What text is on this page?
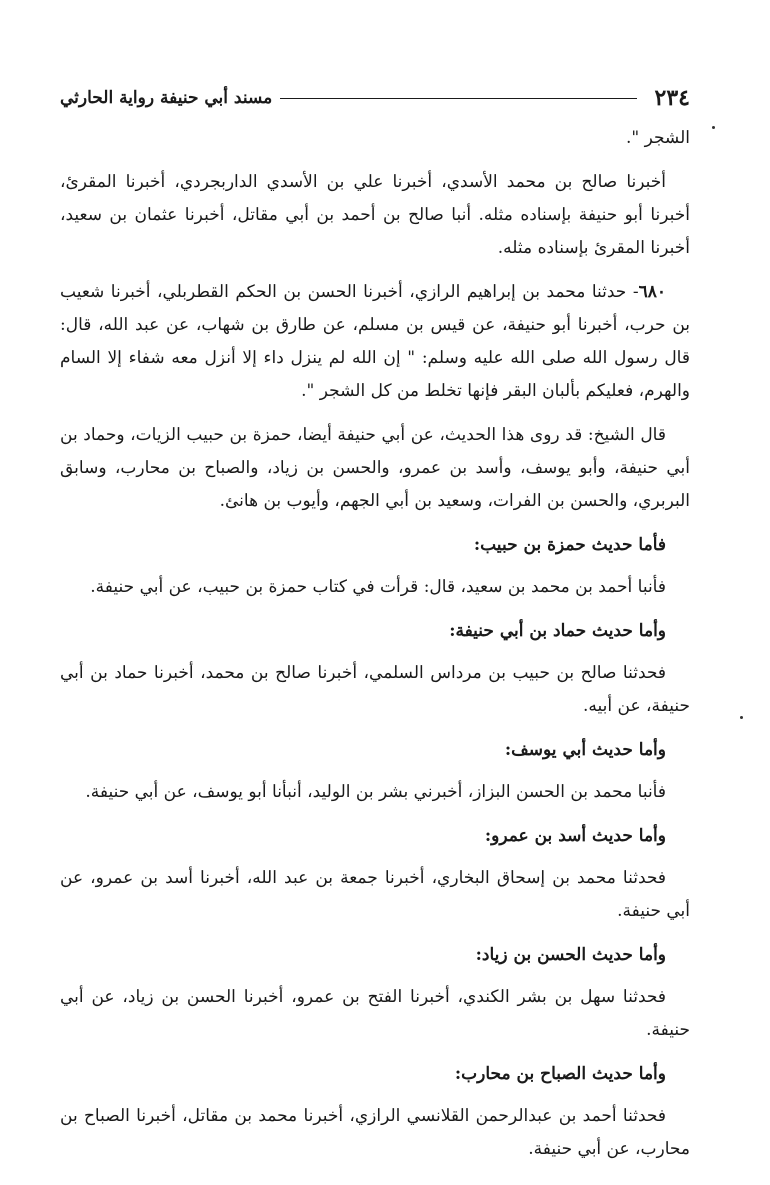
٢٣٤
مسند أبي حنيفة رواية الحارثي

الشجر ".

أخبرنا صالح بن محمد الأسدي، أخبرنا علي بن الأسدي الداربجردي، أخبرنا المقرئ، أخبرنا أبو حنيفة بإسناده مثله. أنبا صالح بن أحمد بن أبي مقاتل، أخبرنا عثمان بن سعيد، أخبرنا المقرئ بإسناده مثله.

٦٨٠- حدثنا محمد بن إبراهيم الرازي، أخبرنا الحسن بن الحكم القطربلي، أخبرنا شعيب بن حرب، أخبرنا أبو حنيفة، عن قيس بن مسلم، عن طارق بن شهاب، عن عبد الله، قال: قال رسول الله صلى الله عليه وسلم: " إن الله لم ينزل داء إلا أنزل معه شفاء إلا السام والهرم، فعليكم بألبان البقر فإنها تخلط من كل الشجر ".

قال الشيخ: قد روى هذا الحديث، عن أبي حنيفة أيضا، حمزة بن حبيب الزيات، وحماد بن أبي حنيفة، وأبو يوسف، وأسد بن عمرو، والحسن بن زياد، والصباح بن محارب، وسابق البربري، والحسن بن الفرات، وسعيد بن أبي الجهم، وأيوب بن هانئ.

فأما حديث حمزة بن حبيب:

فأنبا أحمد بن محمد بن سعيد، قال: قرأت في كتاب حمزة بن حبيب، عن أبي حنيفة.

وأما حديث حماد بن أبي حنيفة:

فحدثنا صالح بن حبيب بن مرداس السلمي، أخبرنا صالح بن محمد، أخبرنا حماد بن أبي حنيفة، عن أبيه.

وأما حديث أبي يوسف:

فأنبا محمد بن الحسن البزاز، أخبرني بشر بن الوليد، أنبأنا أبو يوسف، عن أبي حنيفة.

وأما حديث أسد بن عمرو:

فحدثنا محمد بن إسحاق البخاري، أخبرنا جمعة بن عبد الله، أخبرنا أسد بن عمرو، عن أبي حنيفة.

وأما حديث الحسن بن زياد:

فحدثنا سهل بن بشر الكندي، أخبرنا الفتح بن عمرو، أخبرنا الحسن بن زياد، عن أبي حنيفة.

وأما حديث الصباح بن محارب:

فحدثنا أحمد بن عبدالرحمن القلانسي الرازي، أخبرنا محمد بن مقاتل، أخبرنا الصباح بن محارب، عن أبي حنيفة.
